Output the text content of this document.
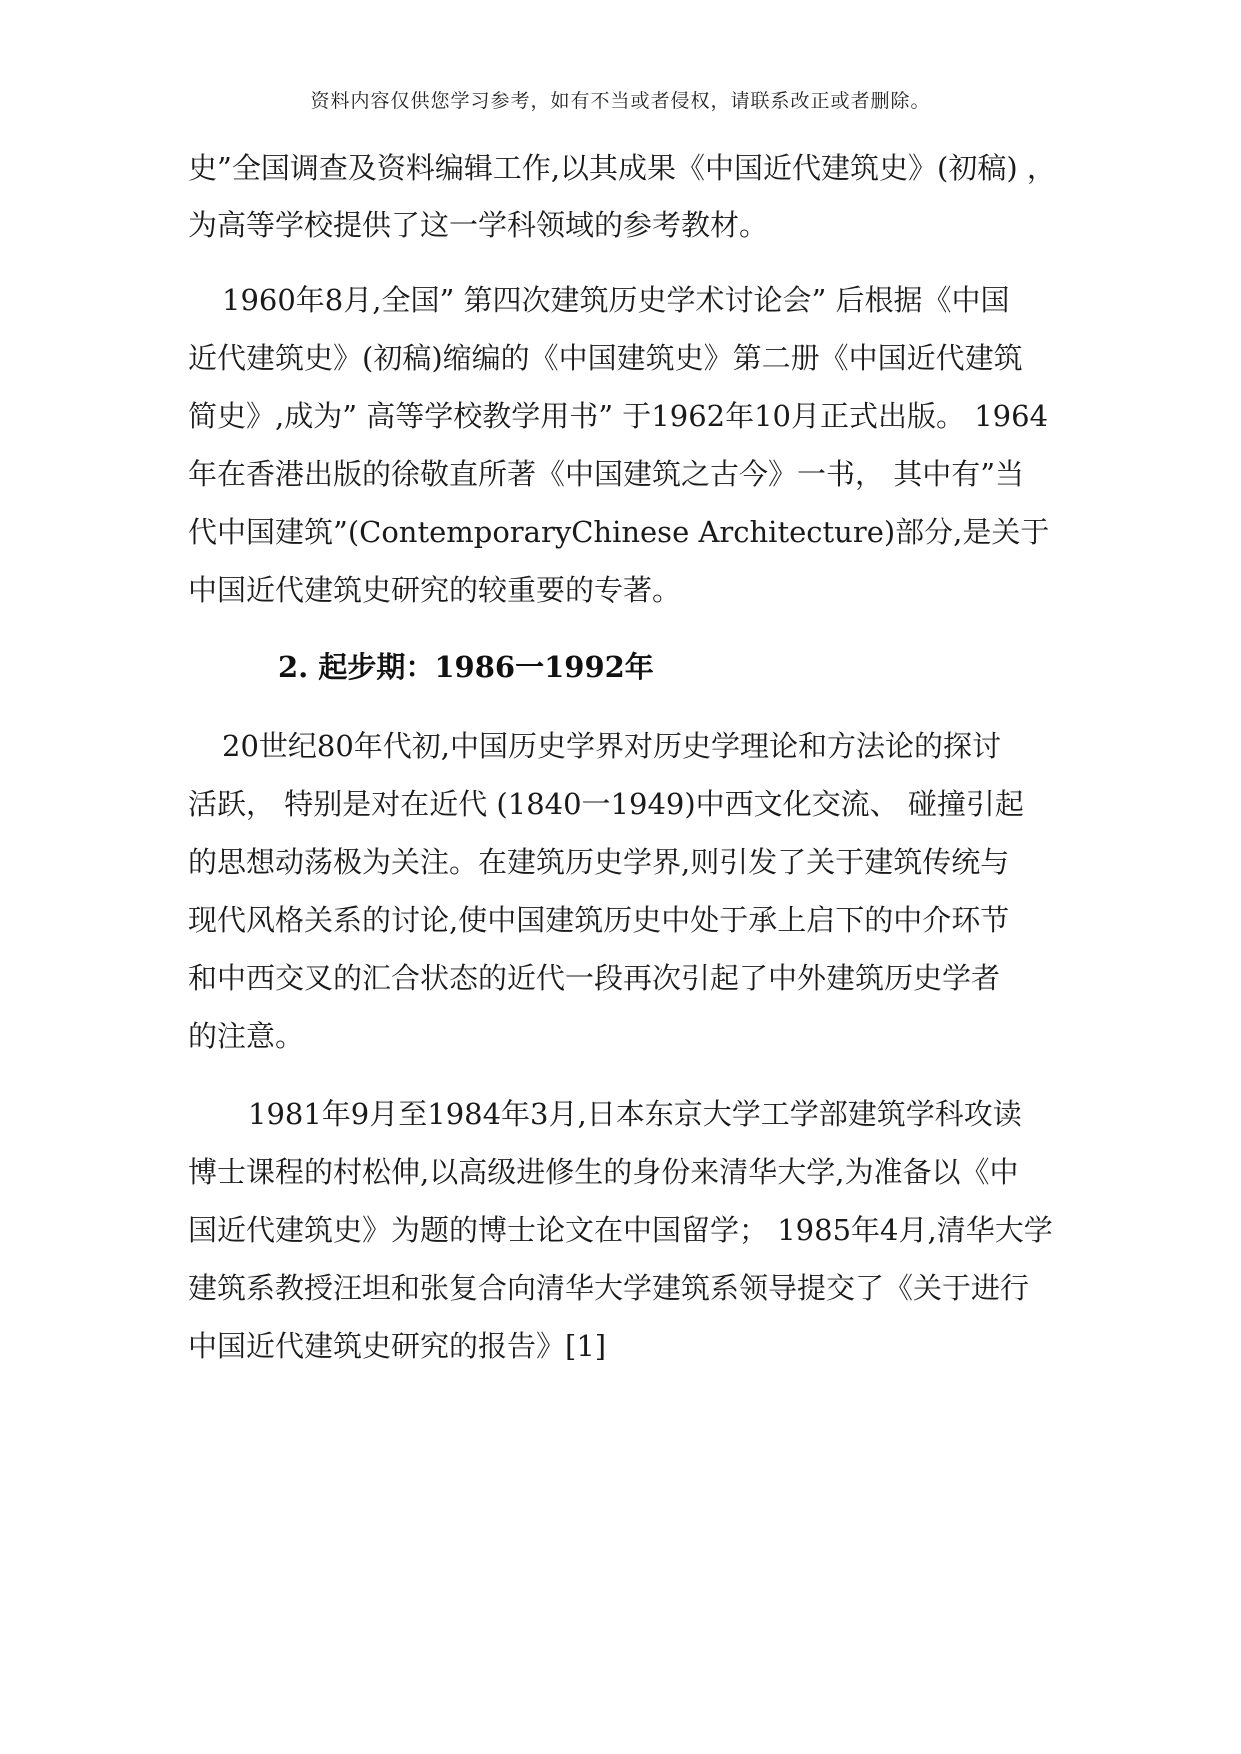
资料内容仅供您学习参考，如有不当或者侵权，请联系改正或者删除。
史”全国调查及资料编辑工作,以其成果《中国近代建筑史》(初稿) ，
为高等学校提供了这一学科领域的参考教材。
1960年8月,全国” 第四次建筑历史学术讨论会” 后根据《中国
近代建筑史》(初稿)缩编的《中国建筑史》第二册《中国近代建筑
简史》,成为” 高等学校教学用书” 于1962年10月正式出版。 1964
年在香港出版的徐敬直所著《中国建筑之古今》一书， 其中有”当
代中国建筑”(ContemporaryChinese Architecture)部分,是关于
中国近代建筑史研究的较重要的专著。
2. 起步期：1986一1992年
20世纪80年代初,中国历史学界对历史学理论和方法论的探讨
活跃， 特别是对在近代 (1840一1949)中西文化交流、 碰撞引起
的思想动荡极为关注。在建筑历史学界,则引发了关于建筑传统与
现代风格关系的讨论,使中国建筑历史中处于承上启下的中介环节
和中西交叉的汇合状态的近代一段再次引起了中外建筑历史学者
的注意。
1981年9月至1984年3月,日本东京大学工学部建筑学科攻读
博士课程的村松伸,以高级进修生的身份来清华大学,为准备以《中
国近代建筑史》为题的博士论文在中国留学； 1985年4月,清华大学
建筑系教授汪坦和张复合向清华大学建筑系领导提交了《关于进行
中国近代建筑史研究的报告》[1]
